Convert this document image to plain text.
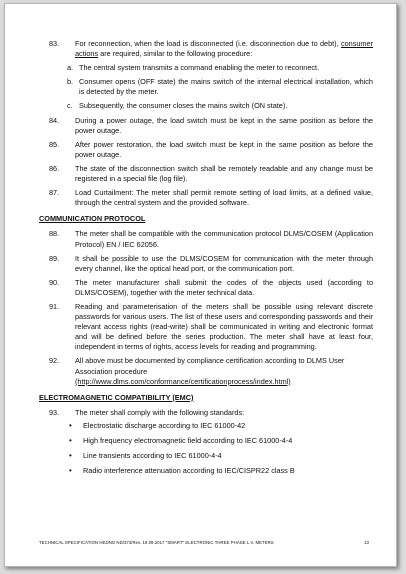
83.	For reconnection, when the load is disconnected (i.e. disconnection due to debt), consumer actions are required, similar to the following procedure:
a. The central system transmits a command enabling the meter to reconnect.
b. Consumer opens (OFF state) the mains switch of the internal electrical installation, which is detected by the meter.
c. Subsequently, the consumer closes the mains switch (ON state).
84.	During a power outage, the load switch must be kept in the same position as before the power outage.
85.	After power restoration, the load switch must be kept in the same position as before the power outage.
86.	The state of the disconnection switch shall be remotely readable and any change must be registered in a special file (log file).
87.	Load Curtailment: The meter shall permit remote setting of load limits, at a defined value, through the central system and the provided software.
COMMUNICATION PROTOCOL
88.	The meter shall be compatible with the communication protocol DLMS/COSEM (Application Protocol) EN / IEC 62056.
89.	It shall be possible to use the DLMS/COSEM for communication with the meter through every channel, like the optical head port, or the communication port.
90.	The meter manufacturer shall submit the codes of the objects used (according to DLMS/COSEM), together with the meter technical data.
91.	Reading and parameterisation of the meters shall be possible using relevant discrete passwords for various users. The list of these users and corresponding passwords and their relevant access rights (read-write) shall be communicated in writing and electronic format and will be defined before the series production. The meter shall have at least four, independent in terms of rights, access levels for reading and programming.
92.	All above must be documented by compliance certification according to DLMS User Association procedure
(http://www.dlms.com/conformance/certificationprocess/index.html)
ELECTROMAGNETIC COMPATIBILITY (EMC)
93.	The meter shall comply with the following standards:
•	Electrostatic discharge according to IEC 61000-42
•	High frequency electromagnetic field according to IEC 61000-4-4
•	Line transients according to IEC 61000-4-4
•	Radio interference attenuation according to IEC/CISPR22 class B
TECHNICAL SPECIFICATION HEDNO ND/373/Rev. 19.09.2017 "SMART" ELECTRONIC THREE PHASE L.V. METERS	13
